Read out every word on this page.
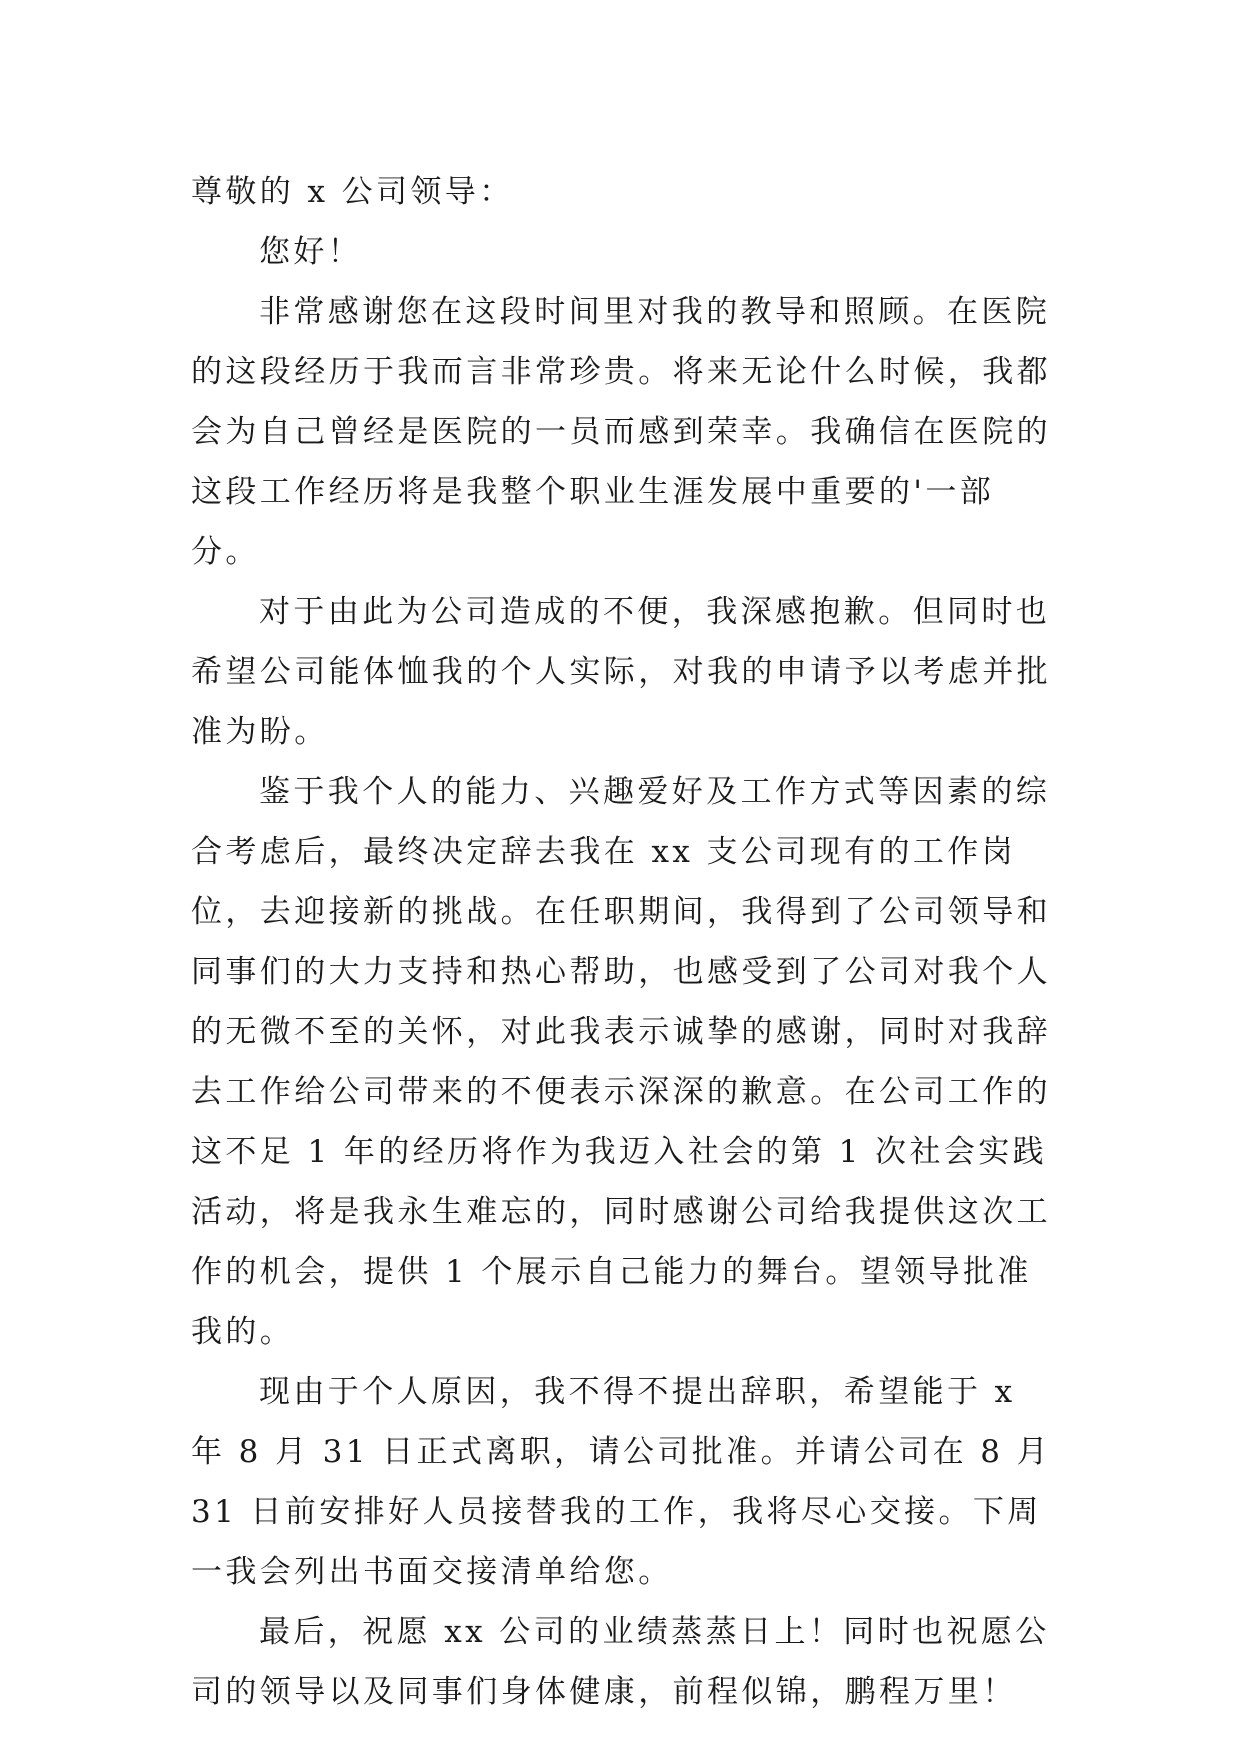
尊敬的 x 公司领导：

您好！

非常感谢您在这段时间里对我的教导和照顾。在医院的这段经历于我而言非常珍贵。将来无论什么时候，我都会为自己曾经是医院的一员而感到荣幸。我确信在医院的这段工作经历将是我整个职业生涯发展中重要的'一部分。

对于由此为公司造成的不便，我深感抱歉。但同时也希望公司能体恤我的个人实际，对我的申请予以考虑并批准为盼。

鉴于我个人的能力、兴趣爱好及工作方式等因素的综合考虑后，最终决定辞去我在 xx 支公司现有的工作岗位，去迎接新的挑战。在任职期间，我得到了公司领导和同事们的大力支持和热心帮助，也感受到了公司对我个人的无微不至的关怀，对此我表示诚挚的感谢，同时对我辞去工作给公司带来的不便表示深深的歉意。在公司工作的这不足 1 年的经历将作为我迈入社会的第 1 次社会实践活动，将是我永生难忘的，同时感谢公司给我提供这次工作的机会，提供 1 个展示自己能力的舞台。望领导批准我的。

现由于个人原因，我不得不提出辞职，希望能于 x 年 8 月 31 日正式离职，请公司批准。并请公司在 8 月 31 日前安排好人员接替我的工作，我将尽心交接。下周一我会列出书面交接清单给您。

最后，祝愿 xx 公司的业绩蒸蒸日上！同时也祝愿公司的领导以及同事们身体健康，前程似锦，鹏程万里！
